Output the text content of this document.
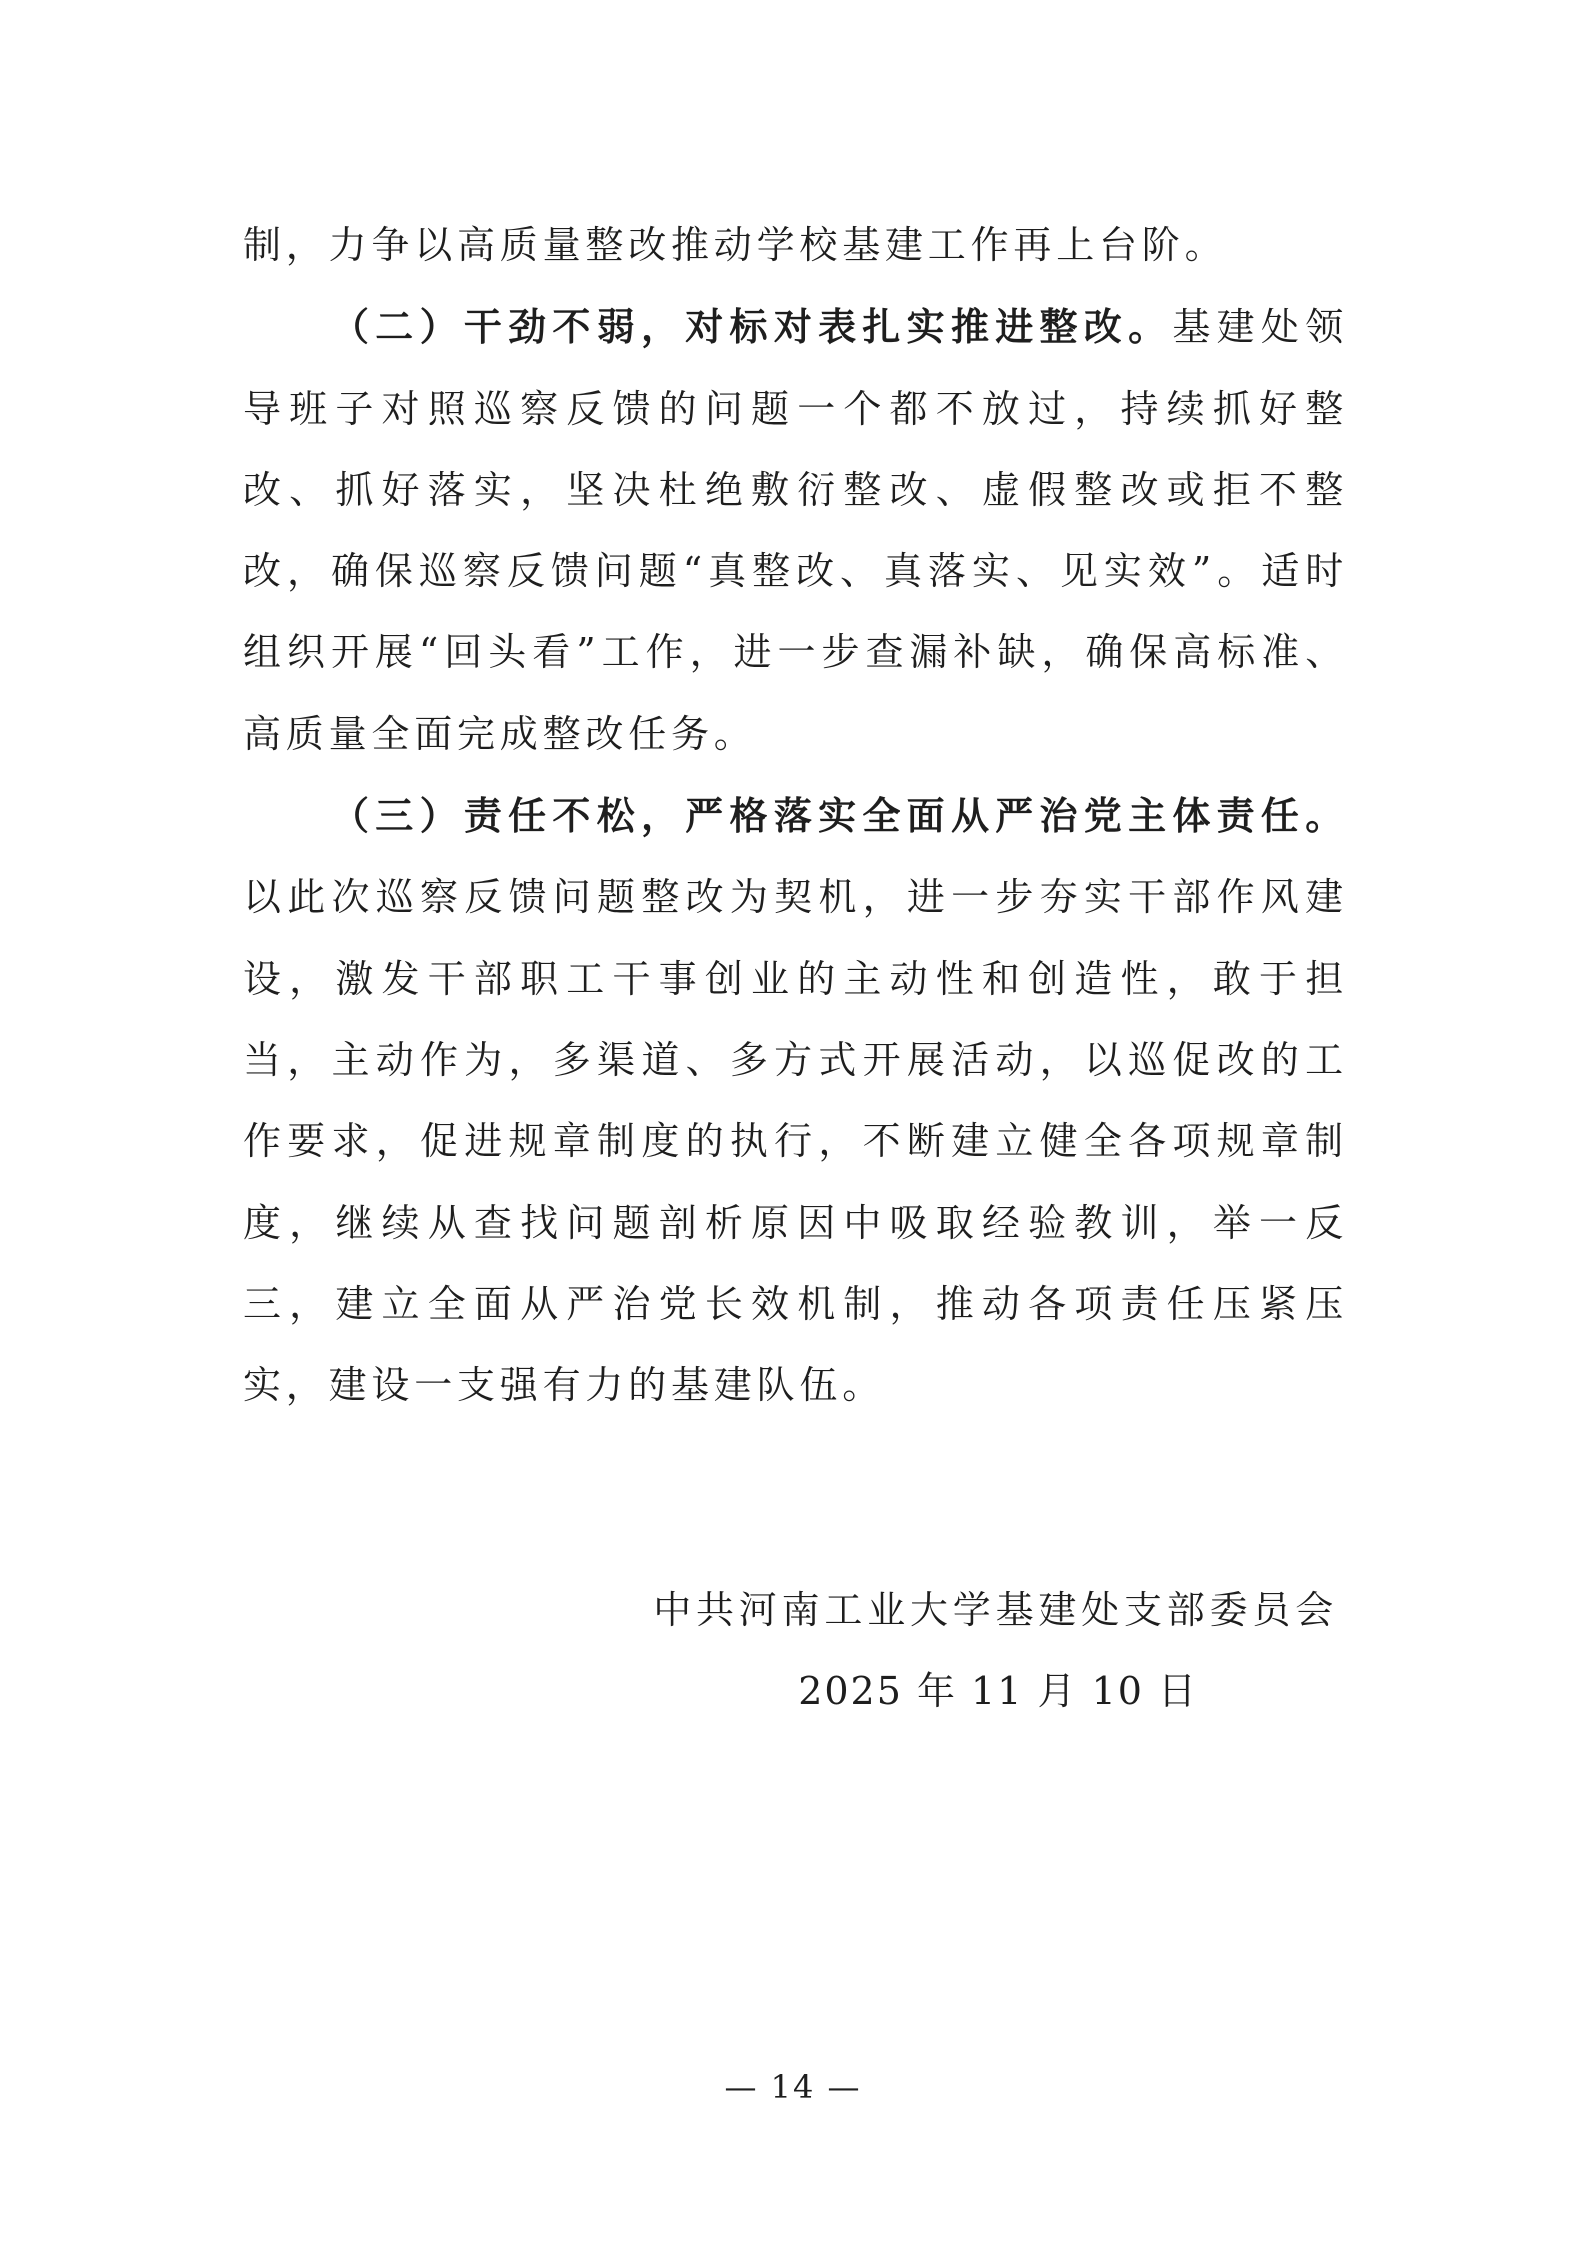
制，力争以高质量整改推动学校基建工作再上台阶。

（二）干劲不弱，对标对表扎实推进整改。基建处领导班子对照巡察反馈的问题一个都不放过，持续抓好整改、抓好落实，坚决杜绝敷衍整改、虚假整改或拒不整改，确保巡察反馈问题“真整改、真落实、见实效”。适时组织开展“回头看”工作，进一步查漏补缺，确保高标准、高质量全面完成整改任务。

（三）责任不松，严格落实全面从严治党主体责任。以此次巡察反馈问题整改为契机，进一步夯实干部作风建设，激发干部职工干事创业的主动性和创造性，敢于担当，主动作为，多渠道、多方式开展活动，以巡促改的工作要求，促进规章制度的执行，不断建立健全各项规章制度，继续从查找问题剖析原因中吸取经验教训，举一反三，建立全面从严治党长效机制，推动各项责任压紧压实，建设一支强有力的基建队伍。

中共河南工业大学基建处支部委员会
2025 年 11 月 10 日
— 14 —
